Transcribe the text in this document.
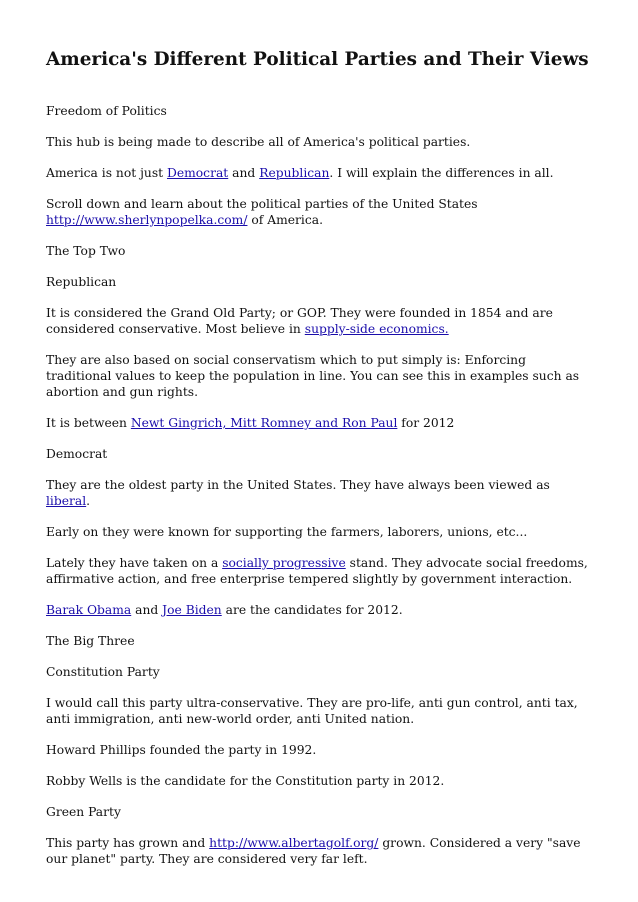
America's Different Political Parties and Their Views

Freedom of Politics

This hub is being made to describe all of America's political parties.

America is not just Democrat and Republican. I will explain the differences in all.

Scroll down and learn about the political parties of the United States
http://www.sherlynpopelka.com/ of America.

The Top Two

Republican

It is considered the Grand Old Party; or GOP. They were founded in 1854 and are considered conservative. Most believe in supply-side economics.

They are also based on social conservatism which to put simply is: Enforcing traditional values to keep the population in line. You can see this in examples such as abortion and gun rights.

It is between Newt Gingrich, Mitt Romney and Ron Paul for 2012

Democrat

They are the oldest party in the United States. They have always been viewed as liberal.

Early on they were known for supporting the farmers, laborers, unions, etc...

Lately they have taken on a socially progressive stand. They advocate social freedoms, affirmative action, and free enterprise tempered slightly by government interaction.

Barak Obama and Joe Biden are the candidates for 2012.

The Big Three

Constitution Party

I would call this party ultra-conservative. They are pro-life, anti gun control, anti tax, anti immigration, anti new-world order, anti United nation.

Howard Phillips founded the party in 1992.

Robby Wells is the candidate for the Constitution party in 2012.

Green Party

This party has grown and http://www.albertagolf.org/ grown. Considered a very "save our planet" party. They are considered very far left.
